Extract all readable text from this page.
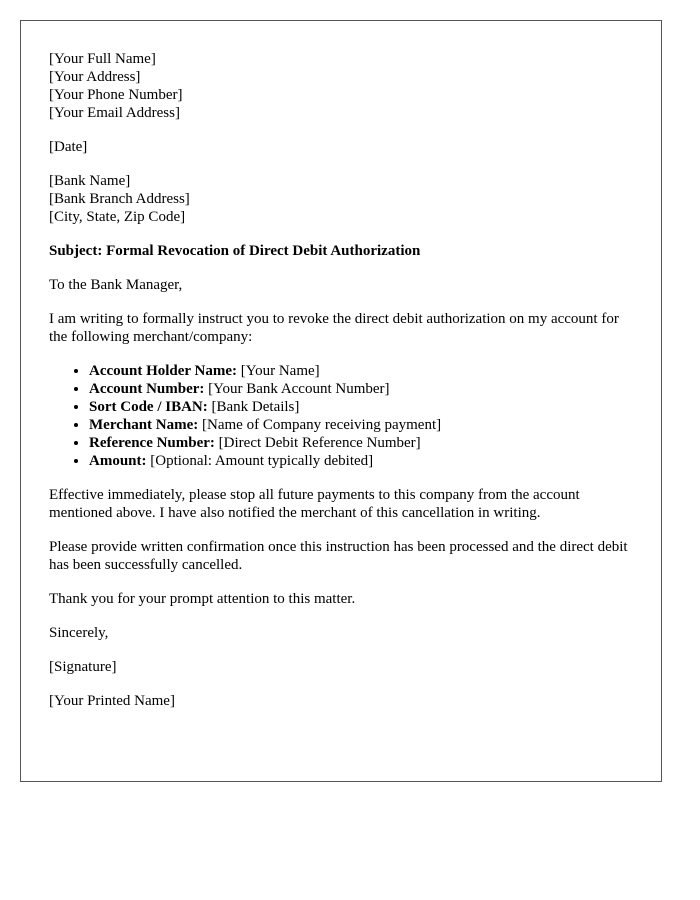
[Your Full Name]
[Your Address]
[Your Phone Number]
[Your Email Address]
[Date]
[Bank Name]
[Bank Branch Address]
[City, State, Zip Code]
Subject: Formal Revocation of Direct Debit Authorization

To the Bank Manager,

I am writing to formally instruct you to revoke the direct debit authorization on my account for the following merchant/company:

• Account Holder Name: [Your Name]
• Account Number: [Your Bank Account Number]
• Sort Code / IBAN: [Bank Details]
• Merchant Name: [Name of Company receiving payment]
• Reference Number: [Direct Debit Reference Number]
• Amount: [Optional: Amount typically debited]

Effective immediately, please stop all future payments to this company from the account mentioned above. I have also notified the merchant of this cancellation in writing.

Please provide written confirmation once this instruction has been processed and the direct debit has been successfully cancelled.

Thank you for your prompt attention to this matter.

Sincerely,

[Signature]

[Your Printed Name]
